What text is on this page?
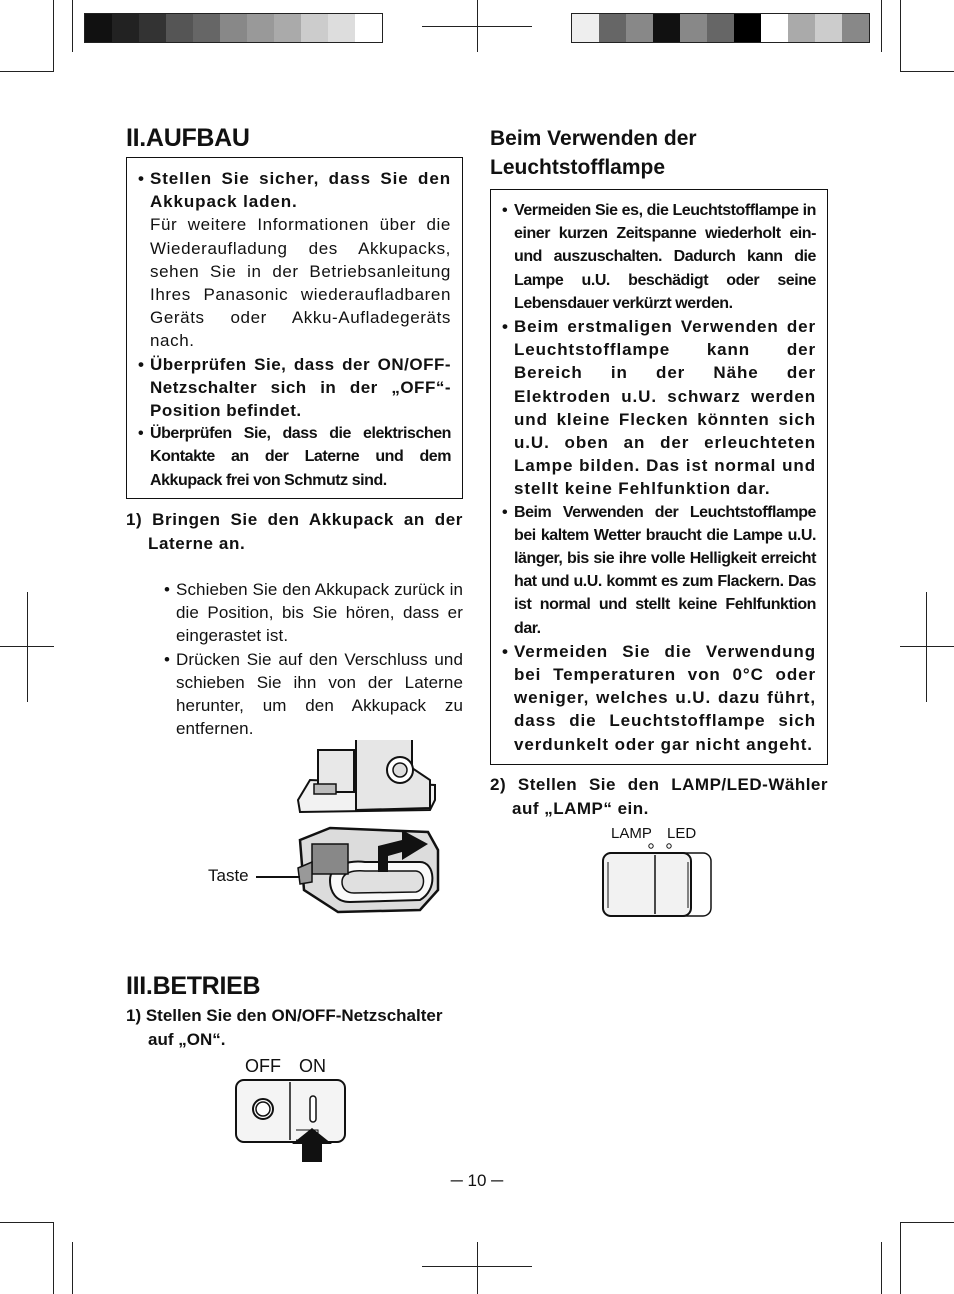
II.AUFBAU
• Stellen Sie sicher, dass Sie den Akkupack laden.
Für weitere Informationen über die Wiederaufladung des Akkupacks, sehen Sie in der Betriebsanleitung Ihres Panasonic wiederaufladbaren Geräts oder Akku-Aufladegeräts nach.
• Überprüfen Sie, dass der ON/OFF-Netzschalter sich in der „OFF“-Position befindet.
• Überprüfen Sie, dass die elektrischen Kontakte an der Laterne und dem Akkupack frei von Schmutz sind.
1) Bringen Sie den Akkupack an der Laterne an.
• Schieben Sie den Akkupack zurück in die Position, bis Sie hören, dass er eingerastet ist.
• Drücken Sie auf den Verschluss und schieben Sie ihn von der Laterne herunter, um den Akkupack zu entfernen.
Taste
III.BETRIEB
1) Stellen Sie den ON/OFF-Netzschalter auf „ON“.
OFF ON
Beim Verwenden der Leuchtstofflampe
• Vermeiden Sie es, die Leuchtstofflampe in einer kurzen Zeitspanne wiederholt ein- und auszuschalten. Dadurch kann die Lampe u.U. beschädigt oder seine Lebensdauer verkürzt werden.
• Beim erstmaligen Verwenden der Leuchtstofflampe kann der Bereich in der Nähe der Elektroden u.U. schwarz werden und kleine Flecken könnten sich u.U. oben an der erleuchteten Lampe bilden. Das ist normal und stellt keine Fehlfunktion dar.
• Beim Verwenden der Leuchtstofflampe bei kaltem Wetter braucht die Lampe u.U. länger, bis sie ihre volle Helligkeit erreicht hat und u.U. kommt es zum Flackern. Das ist normal und stellt keine Fehlfunktion dar.
• Vermeiden Sie die Verwendung bei Temperaturen von 0°C oder weniger, welches u.U. dazu führt, dass die Leuchtstofflampe sich verdunkelt oder gar nicht angeht.
2) Stellen Sie den LAMP/LED-Wähler auf „LAMP“ ein.
LAMP LED
─ 10 ─
